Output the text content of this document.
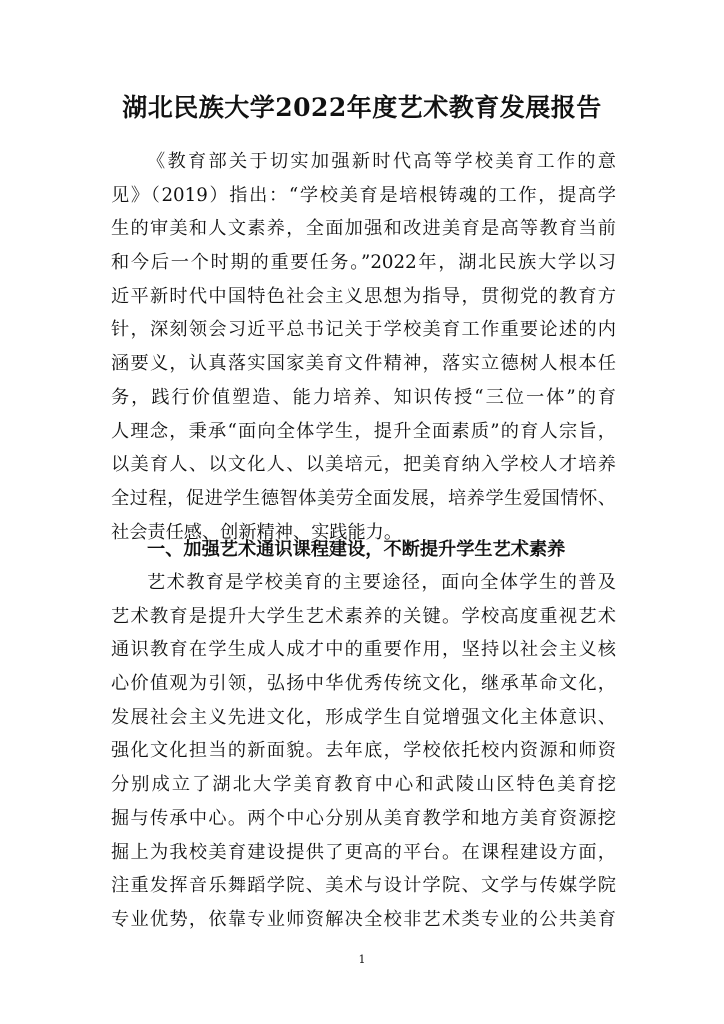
湖北民族大学2022年度艺术教育发展报告
《教育部关于切实加强新时代高等学校美育工作的意
见》（2019）指出：“学校美育是培根铸魂的工作，提高学
生的审美和人文素养，全面加强和改进美育是高等教育当前
和今后一个时期的重要任务。”2022年，湖北民族大学以习
近平新时代中国特色社会主义思想为指导，贯彻党的教育方
针，深刻领会习近平总书记关于学校美育工作重要论述的内
涵要义，认真落实国家美育文件精神，落实立德树人根本任
务，践行价值塑造、能力培养、知识传授“三位一体”的育
人理念，秉承“面向全体学生，提升全面素质”的育人宗旨，
以美育人、以文化人、以美培元，把美育纳入学校人才培养
全过程，促进学生德智体美劳全面发展，培养学生爱国情怀、
社会责任感、创新精神、实践能力。
一、加强艺术通识课程建设，不断提升学生艺术素养
艺术教育是学校美育的主要途径，面向全体学生的普及
艺术教育是提升大学生艺术素养的关键。学校高度重视艺术
通识教育在学生成人成才中的重要作用，坚持以社会主义核
心价值观为引领，弘扬中华优秀传统文化，继承革命文化，
发展社会主义先进文化，形成学生自觉增强文化主体意识、
强化文化担当的新面貌。去年底，学校依托校内资源和师资
分别成立了湖北大学美育教育中心和武陵山区特色美育挖
掘与传承中心。两个中心分别从美育教学和地方美育资源挖
掘上为我校美育建设提供了更高的平台。在课程建设方面，
注重发挥音乐舞蹈学院、美术与设计学院、文学与传媒学院
专业优势，依靠专业师资解决全校非艺术类专业的公共美育
1
